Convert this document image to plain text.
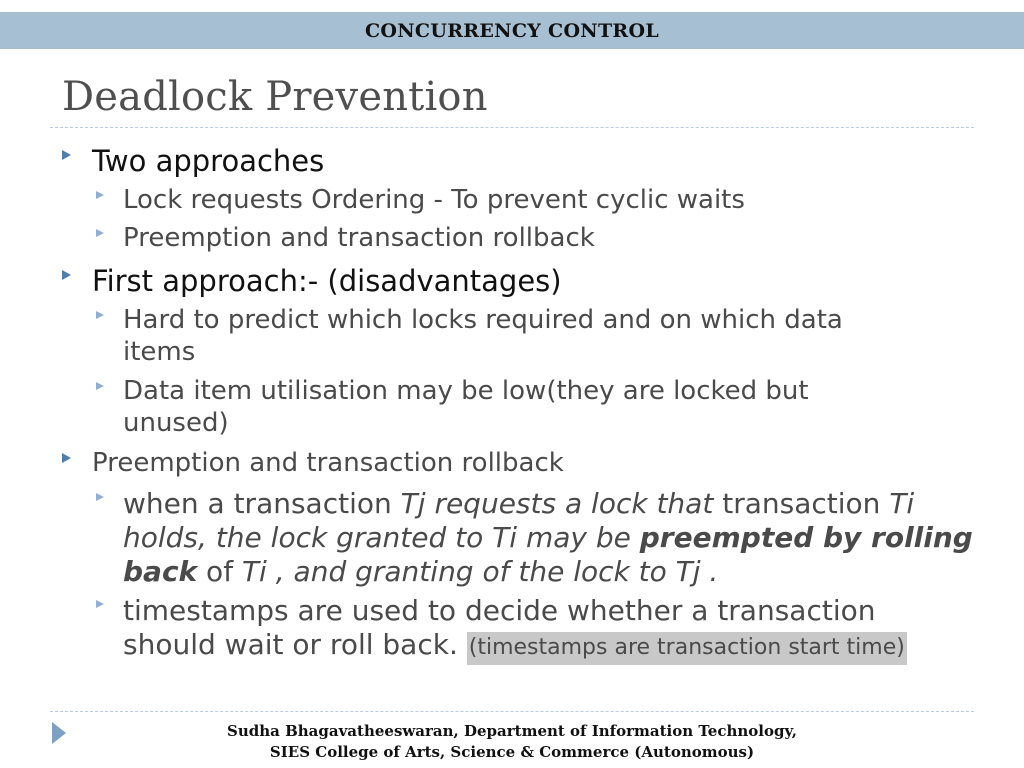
CONCURRENCY CONTROL
Deadlock Prevention
Two approaches
Lock requests Ordering - To prevent cyclic waits
Preemption and transaction rollback
First approach:- (disadvantages)
Hard to predict which locks required and on which data
items
Data item utilisation may be low(they are locked but
unused)
Preemption and transaction rollback
when a transaction Tj requests a lock that transaction Ti
holds, the lock granted to Ti may be preempted by rolling
back of Ti , and granting of the lock to Tj .
timestamps are used to decide whether a transaction
should wait or roll back. (timestamps are transaction start time)
Sudha Bhagavatheeswaran, Department of Information Technology,
SIES College of Arts, Science & Commerce (Autonomous)
